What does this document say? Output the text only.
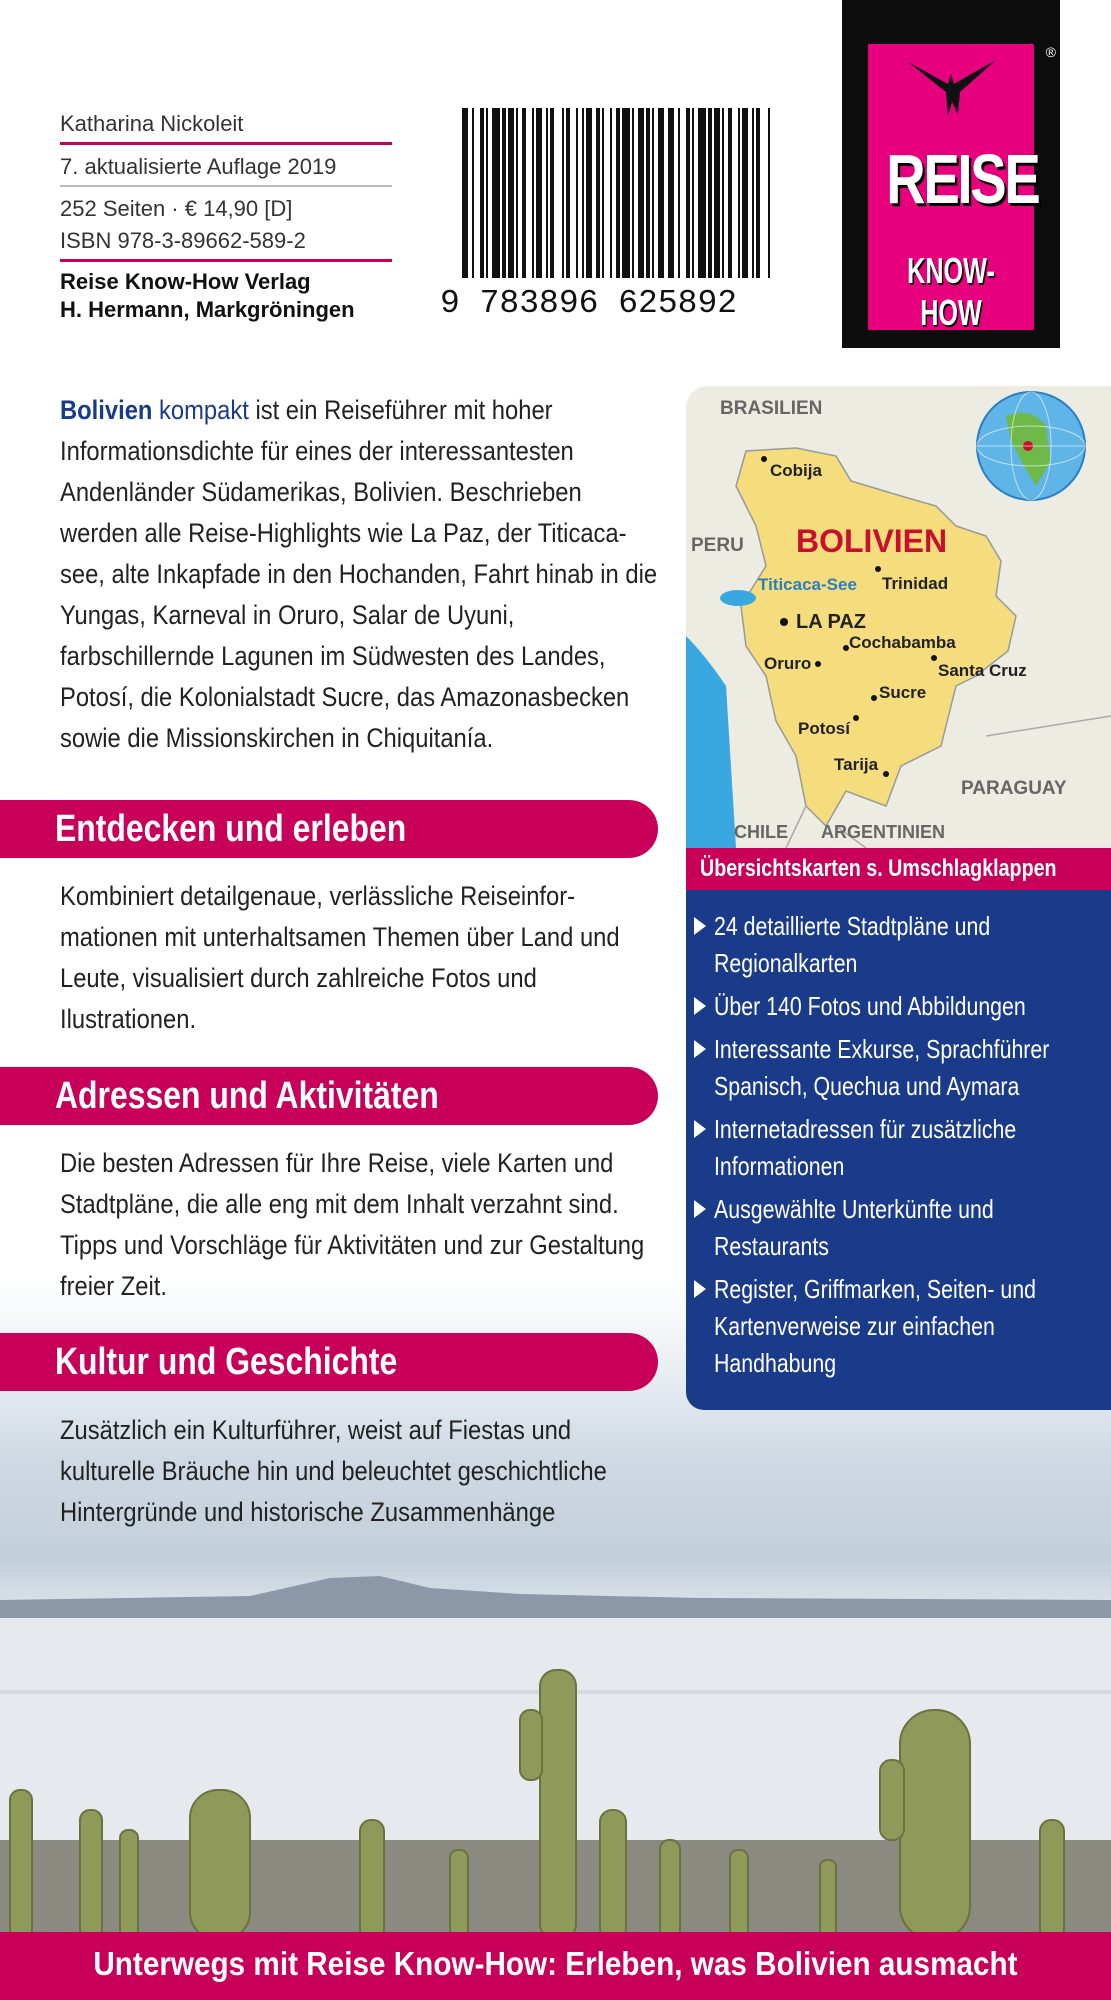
Katharina Nickoleit
7. aktualisierte Auflage 2019
252 Seiten · € 14,90 [D]
ISBN 978-3-89662-589-2
Reise Know-How Verlag
H. Hermann, Markgröningen	9 783896 625892
REISE
KNOW-HOW
®
Bolivien kompakt ist ein Reiseführer mit hoher Informationsdichte für eines der interessantesten Andenländer Südamerikas, Bolivien. Beschrieben werden alle Reise-Highlights wie La Paz, der Titicaca-see, alte Inkapfade in den Hochanden, Fahrt hinab in die Yungas, Karneval in Oruro, Salar de Uyuni, farbschillernde Lagunen im Südwesten des Landes, Potosí, die Kolonialstadt Sucre, das Amazonasbecken sowie die Missionskirchen in Chiquitanía.
Entdecken und erleben
Kombiniert detailgenaue, verlässliche Reiseinfor-mationen mit unterhaltsamen Themen über Land und Leute, visualisiert durch zahlreiche Fotos und Ilustrationen.
Adressen und Aktivitäten
Die besten Adressen für Ihre Reise, viele Karten und Stadtpläne, die alle eng mit dem Inhalt verzahnt sind. Tipps und Vorschläge für Aktivitäten und zur Gestaltung freier Zeit.
Kultur und Geschichte
Zusätzlich ein Kulturführer, weist auf Fiestas und kulturelle Bräuche hin und beleuchtet geschichtliche Hintergründe und historische Zusammenhänge
BRASILIEN
PERU
PARAGUAY
CHILE ARGENTINIEN
BOLIVIEN
Cobija
Trinidad
Titicaca-See
LA PAZ
Cochabamba
Oruro	Santa Cruz
Sucre
Potosí
Tarija
Übersichtskarten s. Umschlagklappen
24 detaillierte Stadtpläne und Regionalkarten
Über 140 Fotos und Abbildungen
Interessante Exkurse, Sprachführer Spanisch, Quechua und Aymara
Internetadressen für zusätzliche Informationen
Ausgewählte Unterkünfte und Restaurants
Register, Griffmarken, Seiten- und Kartenverweise zur einfachen Handhabung
Unterwegs mit Reise Know-How: Erleben, was Bolivien ausmacht
